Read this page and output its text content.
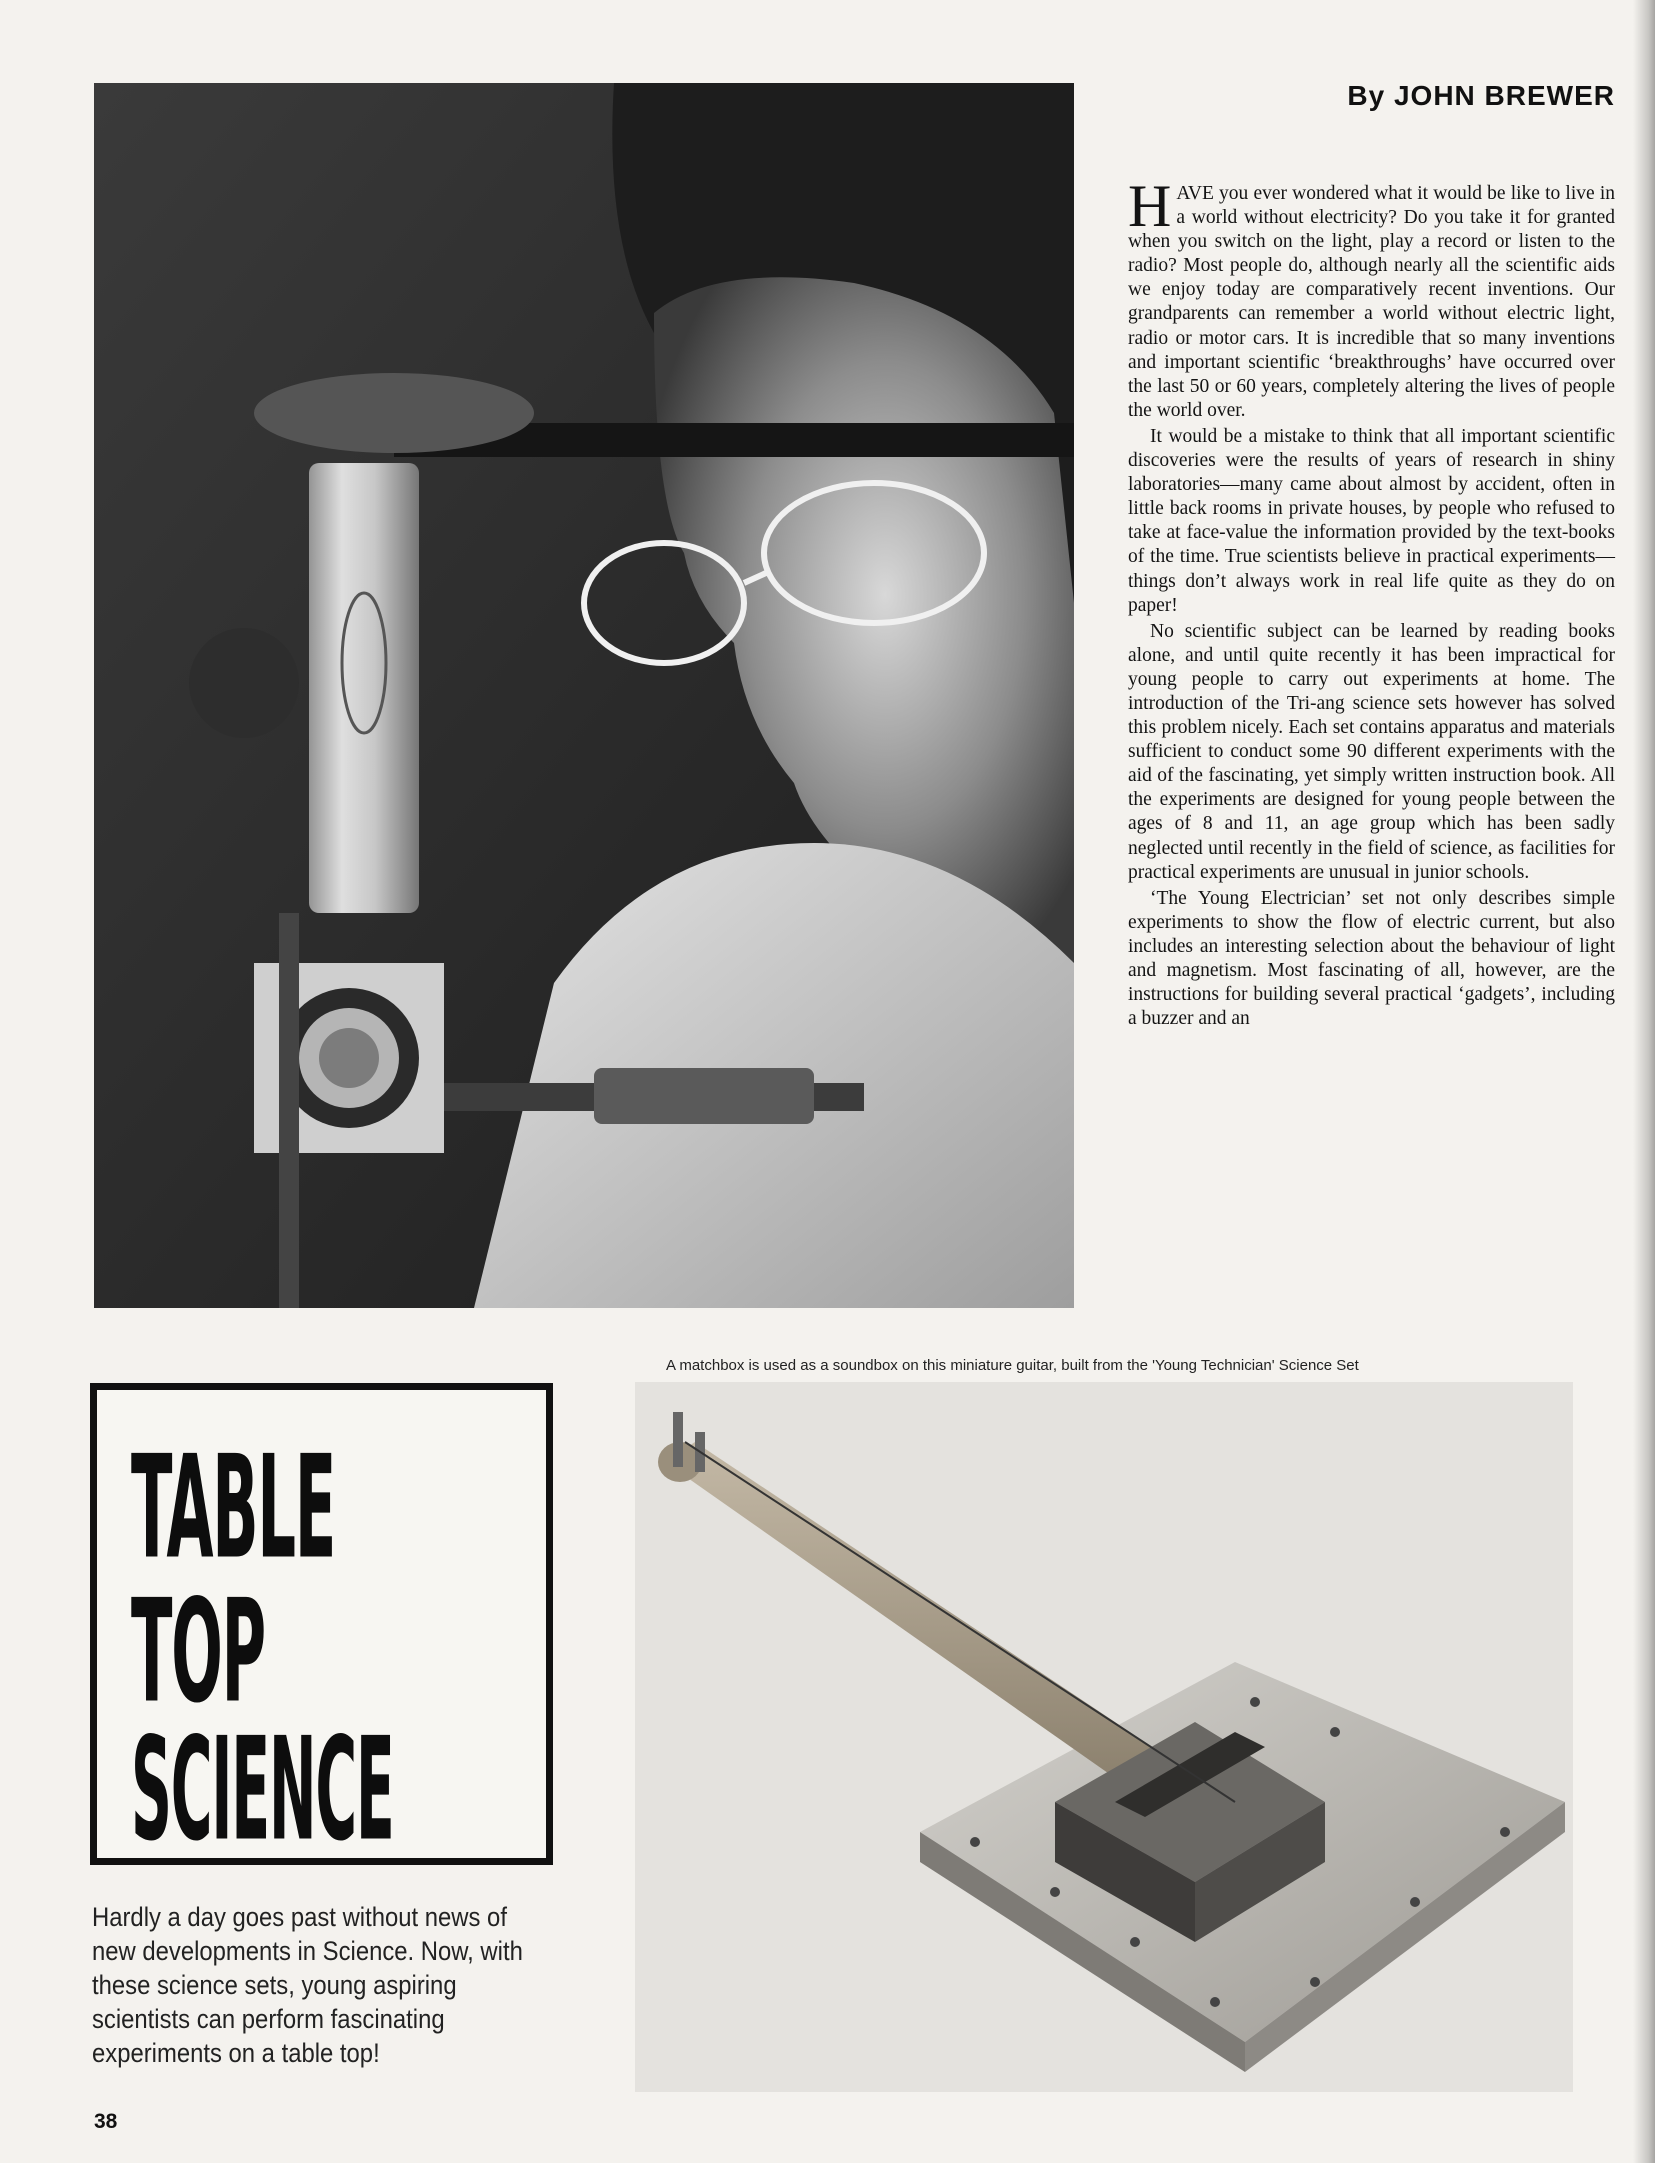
By JOHN BREWER

HAVE you ever wondered what it would be like to live in a world without electricity? Do you take it for granted when you switch on the light, play a record or listen to the radio? Most people do, although nearly all the scientific aids we enjoy today are comparatively recent inventions. Our grandparents can remember a world without electric light, radio or motor cars. It is incredible that so many inventions and important scientific ‘breakthroughs’ have occurred over the last 50 or 60 years, completely altering the lives of people the world over.

It would be a mistake to think that all important scientific discoveries were the results of years of research in shiny laboratories—many came about almost by accident, often in little back rooms in private houses, by people who refused to take at face-value the information provided by the text-books of the time. True scientists believe in practical experiments—things don’t always work in real life quite as they do on paper!

No scientific subject can be learned by reading books alone, and until quite recently it has been impractical for young people to carry out experiments at home. The introduction of the Tri-ang science sets however has solved this problem nicely. Each set contains apparatus and materials sufficient to conduct some 90 different experiments with the aid of the fascinating, yet simply written instruction book. All the experiments are designed for young people between the ages of 8 and 11, an age group which has been sadly neglected until recently in the field of science, as facilities for practical experiments are unusual in junior schools.

‘The Young Electrician’ set not only describes simple experiments to show the flow of electric current, but also includes an interesting selection about the behaviour of light and magnetism. Most fascinating of all, however, are the instructions for building several practical ‘gadgets’, including a buzzer and an

A matchbox is used as a soundbox on this miniature guitar, built from the 'Young Technician' Science Set
TABLE
TOP
SCIENCE
Hardly a day goes past without news of new developments in Science. Now, with these science sets, young aspiring scientists can perform fascinating experiments on a table top!
38
